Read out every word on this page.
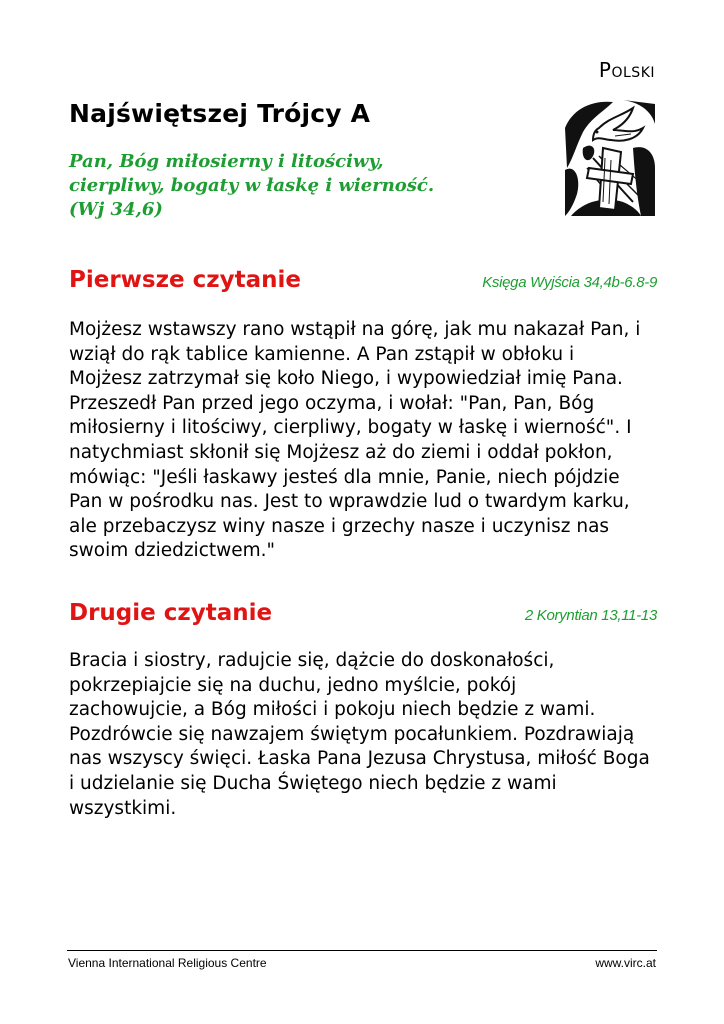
Polski
Najświętszej Trójcy A
Pan, Bóg miłosierny i litościwy,
cierpliwy, bogaty w łaskę i wierność.
(Wj 34,6)
Pierwsze czytanie	Księga Wyjścia 34,4b-6.8-9
Mojżesz wstawszy rano wstąpił na górę, jak mu nakazał Pan, i
wziął do rąk tablice kamienne. A Pan zstąpił w obłoku i
Mojżesz zatrzymał się koło Niego, i wypowiedział imię Pana.
Przeszedł Pan przed jego oczyma, i wołał: "Pan, Pan, Bóg
miłosierny i litościwy, cierpliwy, bogaty w łaskę i wierność". I
natychmiast skłonił się Mojżesz aż do ziemi i oddał pokłon,
mówiąc: "Jeśli łaskawy jesteś dla mnie, Panie, niech pójdzie
Pan w pośrodku nas. Jest to wprawdzie lud o twardym karku,
ale przebaczysz winy nasze i grzechy nasze i uczynisz nas
swoim dziedzictwem."
Drugie czytanie	2 Koryntian 13,11-13
Bracia i siostry, radujcie się, dążcie do doskonałości,
pokrzepiajcie się na duchu, jedno myślcie, pokój
zachowujcie, a Bóg miłości i pokoju niech będzie z wami.
Pozdrówcie się nawzajem świętym pocałunkiem. Pozdrawiają
nas wszyscy święci. Łaska Pana Jezusa Chrystusa, miłość Boga
i udzielanie się Ducha Świętego niech będzie z wami
wszystkimi.
Vienna International Religious Centre	www.virc.at
